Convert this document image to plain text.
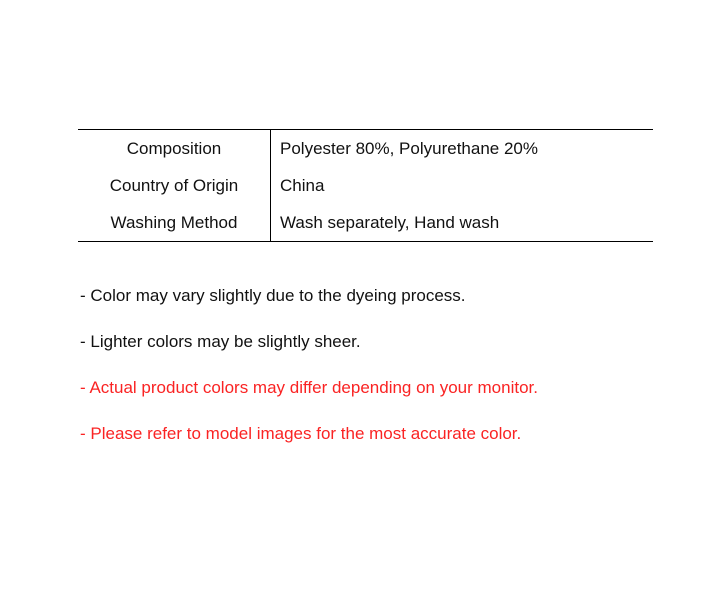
Composition	Polyester 80%, Polyurethane 20%
Country of Origin	China
Washing Method	Wash separately, Hand wash
- Color may vary slightly due to the dyeing process.
- Lighter colors may be slightly sheer.
- Actual product colors may differ depending on your monitor.
- Please refer to model images for the most accurate color.
